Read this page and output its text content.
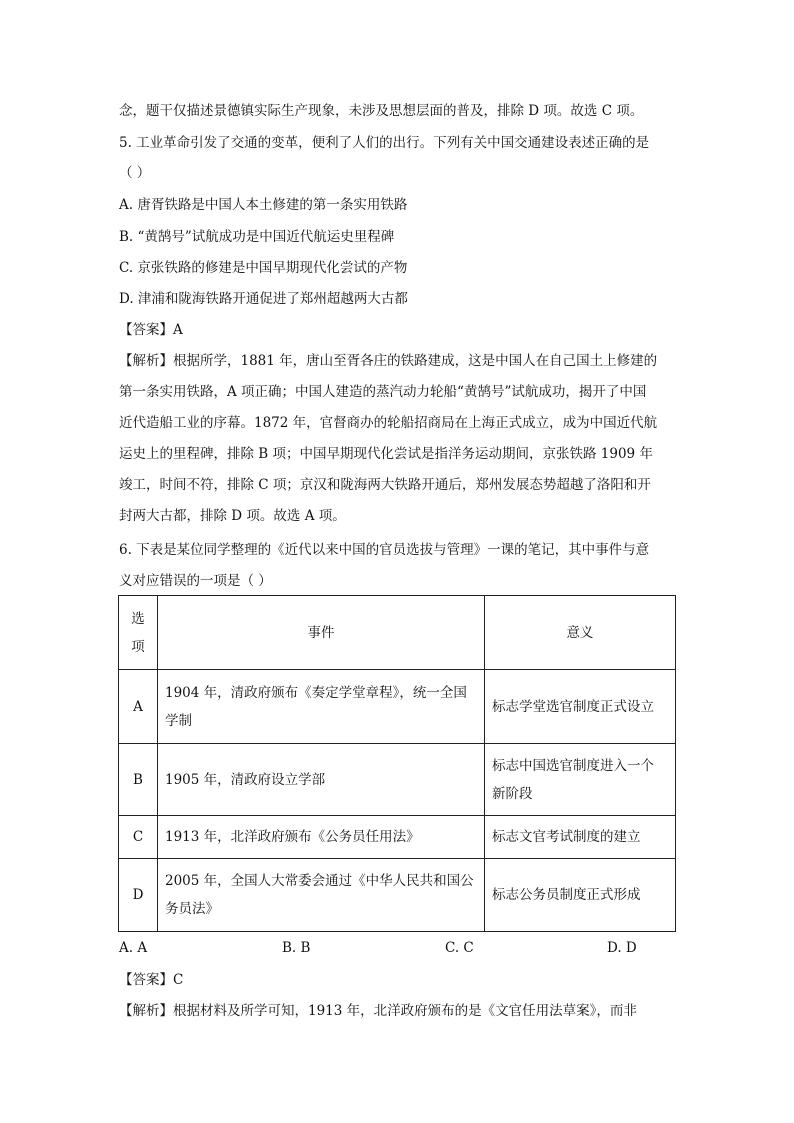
念，题干仅描述景德镇实际生产现象，未涉及思想层面的普及，排除 D 项。故选 C 项。
5. 工业革命引发了交通的变革，便利了人们的出行。下列有关中国交通建设表述正确的是
（ ）
A. 唐胥铁路是中国人本土修建的第一条实用铁路
B. “黄鹄号”试航成功是中国近代航运史里程碑
C. 京张铁路的修建是中国早期现代化尝试的产物
D. 津浦和陇海铁路开通促进了郑州超越两大古都
【答案】A
【解析】根据所学，1881 年，唐山至胥各庄的铁路建成，这是中国人在自己国土上修建的
第一条实用铁路，A 项正确；中国人建造的蒸汽动力轮船“黄鹄号”试航成功，揭开了中国
近代造船工业的序幕。1872 年，官督商办的轮船招商局在上海正式成立，成为中国近代航
运史上的里程碑，排除 B 项；中国早期现代化尝试是指洋务运动期间，京张铁路 1909 年
竣工，时间不符，排除 C 项；京汉和陇海两大铁路开通后，郑州发展态势超越了洛阳和开
封两大古都，排除 D 项。故选 A 项。
6. 下表是某位同学整理的《近代以来中国的官员选拔与管理》一课的笔记，其中事件与意
义对应错误的一项是（ ）
选
项	事件	意义
A	1904 年，清政府颁布《奏定学堂章程》，统一全国
学制	标志学堂选官制度正式设立
B	1905 年，清政府设立学部	标志中国选官制度进入一个
新阶段

C	1913 年，北洋政府颁布《公务员任用法》	标志文官考试制度的建立
D	2005 年，全国人大常委会通过《中华人民共和国公
务员法》	标志公务员制度正式形成
A. A	B. B	C. C	D. D
【答案】C
【解析】根据材料及所学可知，1913 年，北洋政府颁布的是《文官任用法草案》，而非
